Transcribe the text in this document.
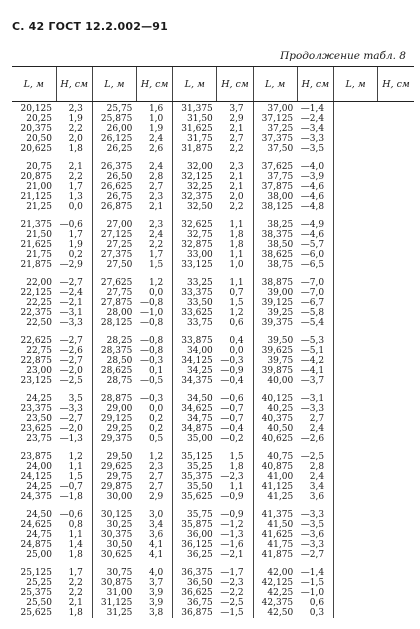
С. 42 ГОСТ 12.2.002—91
Продолжение табл. 8
L, м	H, см	L, м	H, см	L, м	H, см	L, м	H, см	L, м	H, см
20,125	2,3	25,75	1,6	31,375	3,7	37,00	—1,4		
20,25	1,9	25,875	1,0	31,50	2,9	37,125	—2,4		
20,375	2,2	26,00	1,9	31,625	2,1	37,25	—3,4		
20,50	2,0	26,125	2,4	31,75	2,7	37,375	—3,3		
20,625	1,8	26,25	2,6	31,875	2,2	37,50	—3,5		

20,75	2,1	26,375	2,4	32,00	2,3	37,625	—4,0		
20,875	2,2	26,50	2,8	32,125	2,1	37,75	—3,9		
21,00	1,7	26,625	2,7	32,25	2,1	37,875	—4,6		
21,125	1,3	26,75	2,3	32,375	2,0	38,00	—4,6		
21,25	0,0	26,875	2,1	32,50	2,2	38,125	—4,8		

21,375	—0,6	27,00	2,3	32,625	1,1	38,25	—4,9		
21,50	1,7	27,125	2,4	32,75	1,8	38,375	—4,6		
21,625	1,9	27,25	2,2	32,875	1,8	38,50	—5,7		
21,75	0,2	27,375	1,7	33,00	1,1	38,625	—6,0		
21,875	—2,9	27,50	1,5	33,125	1,0	38,75	—6,5		

22,00	—2,7	27,625	1,2	33,25	1,1	38,875	—7,0		
22,125	—2,4	27,75	0,0	33,375	0,7	39,00	—7,0		
22,25	—2,1	27,875	—0,8	33,50	1,5	39,125	—6,7		
22,375	—3,1	28,00	—1,0	33,625	1,2	39,25	—5,8		
22,50	—3,3	28,125	—0,8	33,75	0,6	39,375	—5,4		

22,625	—2,7	28,25	—0,8	33,875	0,4	39,50	—5,3		
22,75	—2,6	28,375	—0,8	34,00	0,0	39,625	—5,1		
22,875	—2,7	28,50	—0,3	34,125	—0,3	39,75	—4,2		
23,00	—2,0	28,625	0,1	34,25	—0,9	39,875	—4,1		
23,125	—2,5	28,75	—0,5	34,375	—0,4	40,00	—3,7		

24,25	3,5	28,875	—0,3	34,50	—0,6	40,125	—3,1		
23,375	—3,3	29,00	0,0	34,625	—0,7	40,25	—3,3		
23,50	—2,7	29,125	0,2	34,75	—0,7	40,375	2,7		
23,625	—2,0	29,25	0,2	34,875	—0,4	40,50	2,4		
23,75	—1,3	29,375	0,5	35,00	—0,2	40,625	—2,6		

23,875	1,2	29,50	1,2	35,125	1,5	40,75	—2,5		
24,00	1,1	29,625	2,3	35,25	1,8	40,875	2,8		
24,125	1,5	29,75	2,7	35,375	—2,3	41,00	2,4		
24,25	—0,7	29,875	2,7	35,50	1,1	41,125	3,4		
24,375	—1,8	30,00	2,9	35,625	—0,9	41,25	3,6		

24,50	—0,6	30,125	3,0	35,75	—0,9	41,375	—3,3		
24,625	0,8	30,25	3,4	35,875	—1,2	41,50	—3,5		
24,75	1,1	30,375	3,6	36,00	—1,3	41,625	—3,6		
24,875	1,4	30,50	4,1	36,125	—1,6	41,75	—3,3		
25,00	1,8	30,625	4,1	36,25	—2,1	41,875	—2,7		

25,125	1,7	30,75	4,0	36,375	—1,7	42,00	—1,4		
25,25	2,2	30,875	3,7	36,50	—2,3	42,125	—1,5		
25,375	2,2	31,00	3,9	36,625	—2,2	42,25	—1,0		
25,50	2,1	31,125	3,9	36,75	—2,5	42,375	0,6		
25,625	1,8	31,25	3,8	36,875	—1,5	42,50	0,3		
